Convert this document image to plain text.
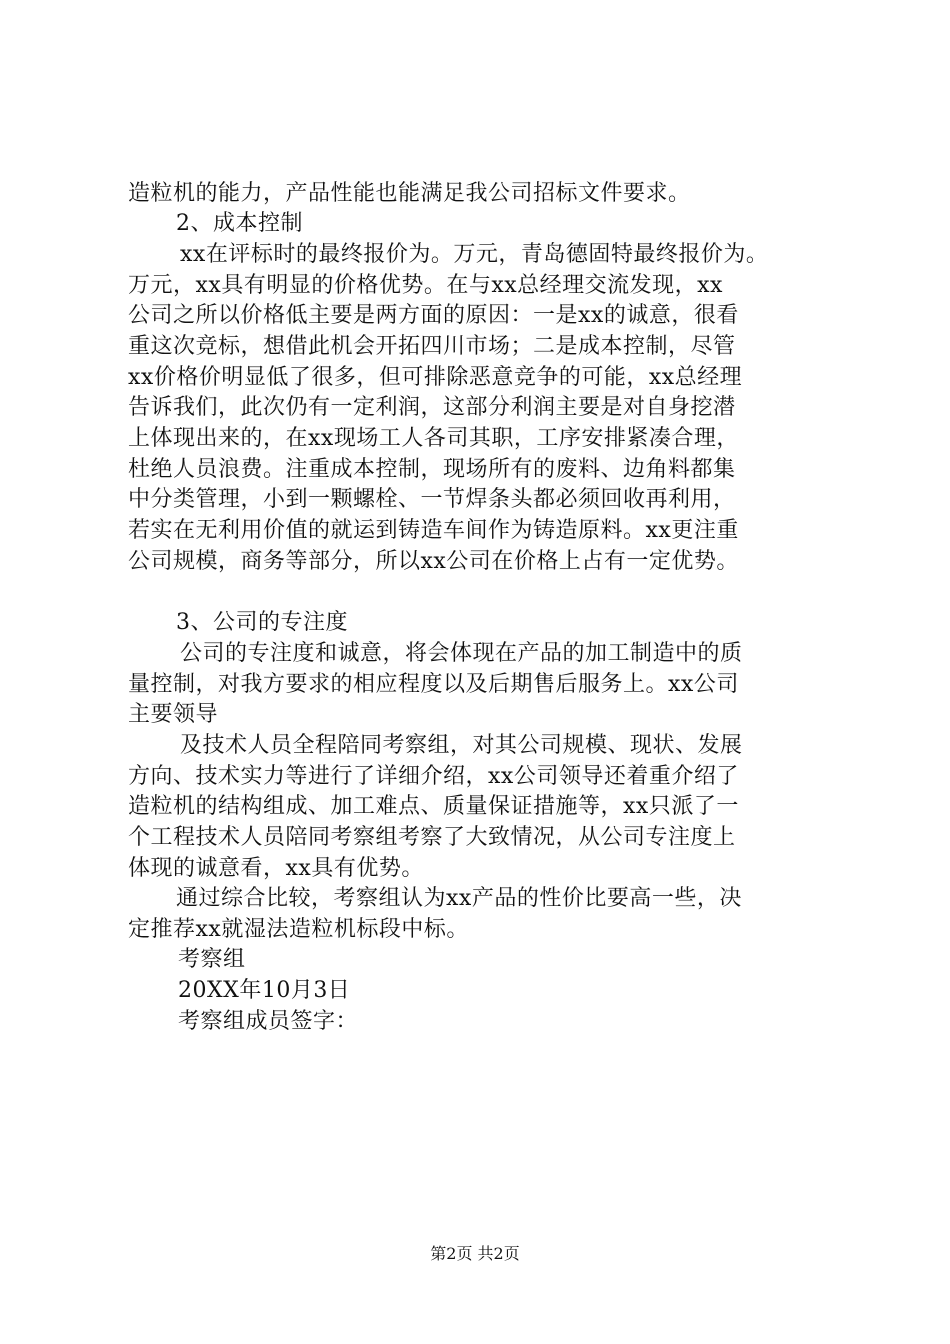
造粒机的能力，产品性能也能满足我公司招标文件要求。
2、成本控制
xx在评标时的最终报价为。万元，青岛德固特最终报价为。
万元，xx具有明显的价格优势。在与xx总经理交流发现，xx
公司之所以价格低主要是两方面的原因：一是xx的诚意，很看
重这次竞标，想借此机会开拓四川市场；二是成本控制，尽管
xx价格价明显低了很多，但可排除恶意竞争的可能，xx总经理
告诉我们，此次仍有一定利润，这部分利润主要是对自身挖潜
上体现出来的，在xx现场工人各司其职，工序安排紧凑合理，
杜绝人员浪费。注重成本控制，现场所有的废料、边角料都集
中分类管理，小到一颗螺栓、一节焊条头都必须回收再利用，
若实在无利用价值的就运到铸造车间作为铸造原料。xx更注重
公司规模，商务等部分，所以xx公司在价格上占有一定优势。
3、公司的专注度
公司的专注度和诚意，将会体现在产品的加工制造中的质
量控制，对我方要求的相应程度以及后期售后服务上。xx公司
主要领导
及技术人员全程陪同考察组，对其公司规模、现状、发展
方向、技术实力等进行了详细介绍，xx公司领导还着重介绍了
造粒机的结构组成、加工难点、质量保证措施等，xx只派了一
个工程技术人员陪同考察组考察了大致情况，从公司专注度上
体现的诚意看，xx具有优势。
通过综合比较，考察组认为xx产品的性价比要高一些，决
定推荐xx就湿法造粒机标段中标。
考察组
20XX年10月3日
考察组成员签字：
第2页 共2页
